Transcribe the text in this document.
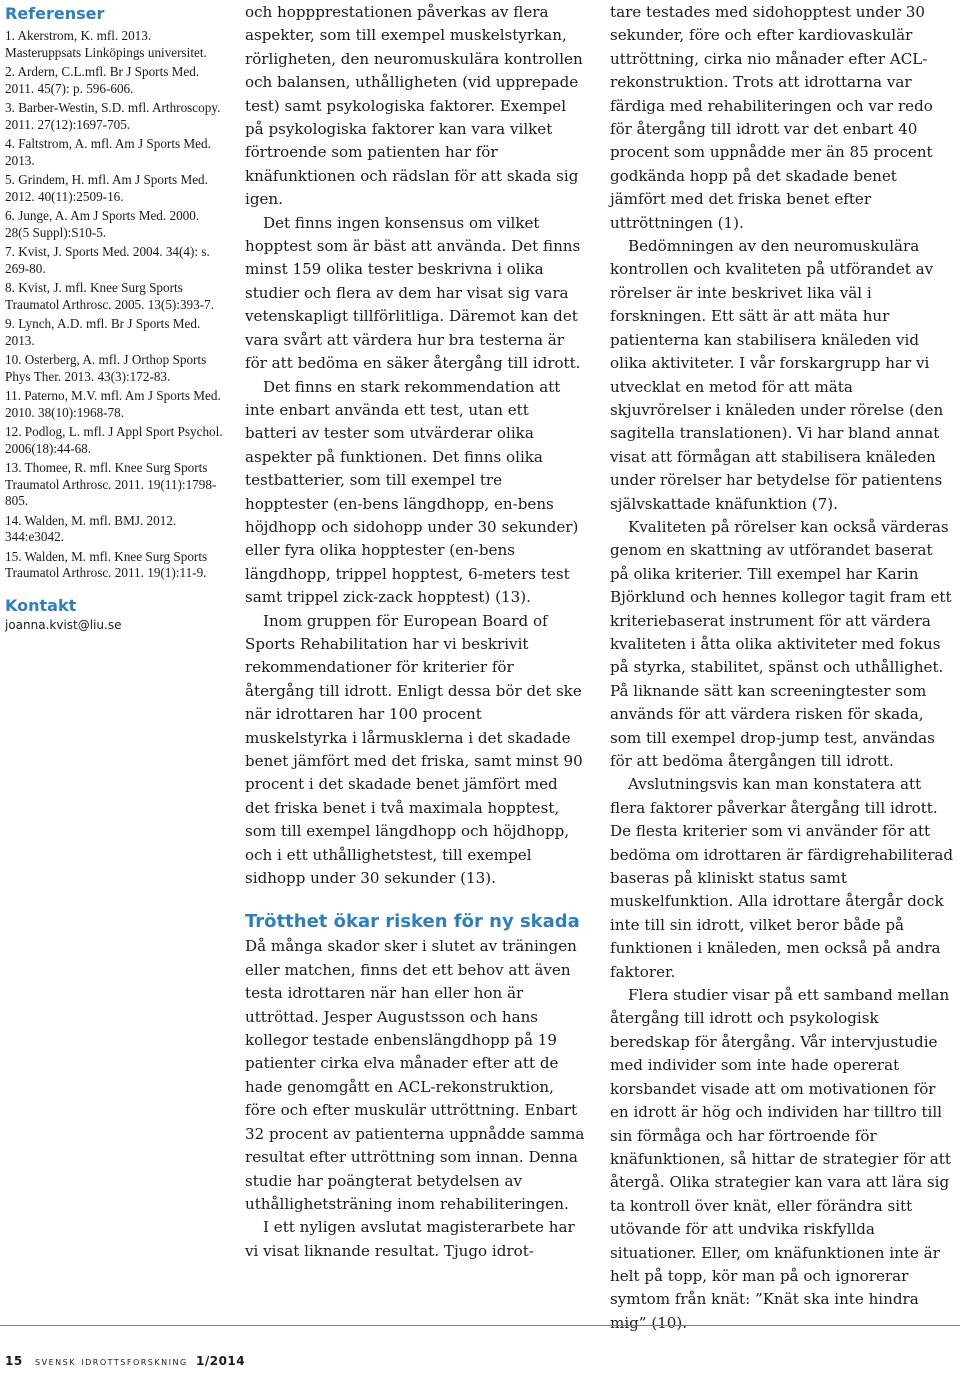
Referenser
1. Akerstrom, K. mfl. 2013. Masteruppsats Linköpings universitet.
2. Ardern, C.L.mfl. Br J Sports Med. 2011. 45(7): p. 596-606.
3. Barber-Westin, S.D. mfl. Arthroscopy. 2011. 27(12):1697-705.
4. Faltstrom, A. mfl. Am J Sports Med. 2013.
5. Grindem, H. mfl. Am J Sports Med. 2012. 40(11):2509-16.
6. Junge, A. Am J Sports Med. 2000. 28(5 Suppl):S10-5.
7. Kvist, J. Sports Med. 2004. 34(4): s. 269-80.
8. Kvist, J. mfl. Knee Surg Sports Traumatol Arthrosc. 2005. 13(5):393-7.
9. Lynch, A.D. mfl. Br J Sports Med. 2013.
10. Osterberg, A. mfl. J Orthop Sports Phys Ther. 2013. 43(3):172-83.
11. Paterno, M.V. mfl. Am J Sports Med. 2010. 38(10):1968-78.
12. Podlog, L. mfl. J Appl Sport Psychol. 2006(18):44-68.
13. Thomee, R. mfl. Knee Surg Sports Traumatol Arthrosc. 2011. 19(11):1798-805.
14. Walden, M. mfl. BMJ. 2012. 344:e3042.
15. Walden, M. mfl. Knee Surg Sports Traumatol Arthrosc. 2011. 19(1):11-9.
Kontakt
joanna.kvist@liu.se

och hoppprestationen påverkas av flera aspekter, som till exempel muskelstyrkan, rörligheten, den neuromuskulära kontrollen och balansen, uthålligheten (vid upprepade test) samt psykologiska faktorer. Exempel på psykologiska faktorer kan vara vilket förtroende som patienten har för knäfunktionen och rädslan för att skada sig igen.

Det finns ingen konsensus om vilket hopptest som är bäst att använda. Det finns minst 159 olika tester beskrivna i olika studier och flera av dem har visat sig vara vetenskapligt tillförlitliga. Däremot kan det vara svårt att värdera hur bra testerna är för att bedöma en säker återgång till idrott.

Det finns en stark rekommendation att inte enbart använda ett test, utan ett batteri av tester som utvärderar olika aspekter på funktionen. Det finns olika testbatterier, som till exempel tre hopptester (en-bens längdhopp, en-bens höjdhopp och sidohopp under 30 sekunder) eller fyra olika hopptester (en-bens längdhopp, trippel hopptest, 6-meters test samt trippel zick-zack hopptest) (13).

Inom gruppen för European Board of Sports Rehabilitation har vi beskrivit rekommendationer för kriterier för återgång till idrott. Enligt dessa bör det ske när idrottaren har 100 procent muskelstyrka i lårmusklerna i det skadade benet jämfört med det friska, samt minst 90 procent i det skadade benet jämfört med det friska benet i två maximala hopptest, som till exempel längdhopp och höjdhopp, och i ett uthållighetstest, till exempel sidhopp under 30 sekunder (13).

Trötthet ökar risken för ny skada

Då många skador sker i slutet av träningen eller matchen, finns det ett behov att även testa idrottaren när han eller hon är uttröttad. Jesper Augustsson och hans kollegor testade enbenslängdhopp på 19 patienter cirka elva månader efter att de hade genomgått en ACL-rekonstruktion, före och efter muskulär uttröttning. Enbart 32 procent av patienterna uppnådde samma resultat efter uttröttning som innan. Denna studie har poängterat betydelsen av uthållighetsträning inom rehabiliteringen.

I ett nyligen avslutat magisterarbete har vi visat liknande resultat. Tjugo idrot-

tare testades med sidohopptest under 30 sekunder, före och efter kardiovaskulär uttröttning, cirka nio månader efter ACL-rekonstruktion. Trots att idrottarna var färdiga med rehabiliteringen och var redo för återgång till idrott var det enbart 40 procent som uppnådde mer än 85 procent godkända hopp på det skadade benet jämfört med det friska benet efter uttröttningen (1).

Bedömningen av den neuromuskulära kontrollen och kvaliteten på utförandet av rörelser är inte beskrivet lika väl i forskningen. Ett sätt är att mäta hur patienterna kan stabilisera knäleden vid olika aktiviteter. I vår forskargrupp har vi utvecklat en metod för att mäta skjuvrörelser i knäleden under rörelse (den sagitella translationen). Vi har bland annat visat att förmågan att stabilisera knäleden under rörelser har betydelse för patientens självskattade knäfunktion (7).

Kvaliteten på rörelser kan också värderas genom en skattning av utförandet baserat på olika kriterier. Till exempel har Karin Björklund och hennes kollegor tagit fram ett kriteriebaserat instrument för att värdera kvaliteten i åtta olika aktiviteter med fokus på styrka, stabilitet, spänst och uthållighet. På liknande sätt kan screeningtester som används för att värdera risken för skada, som till exempel drop-jump test, användas för att bedöma återgången till idrott.

Avslutningsvis kan man konstatera att flera faktorer påverkar återgång till idrott. De flesta kriterier som vi använder för att bedöma om idrottaren är färdigrehabiliterad baseras på kliniskt status samt muskelfunktion. Alla idrottare återgår dock inte till sin idrott, vilket beror både på funktionen i knäleden, men också på andra faktorer.

Flera studier visar på ett samband mellan återgång till idrott och psykologisk beredskap för återgång. Vår intervjustudie med individer som inte hade opererat korsbandet visade att om motivationen för en idrott är hög och individen har tilltro till sin förmåga och har förtroende för knäfunktionen, så hittar de strategier för att återgå. Olika strategier kan vara att lära sig ta kontroll över knät, eller förändra sitt utövande för att undvika riskfyllda situationer. Eller, om knäfunktionen inte är helt på topp, kör man på och ignorerar symtom från knät: ”Knät ska inte hindra mig” (10).

15 svensk idrottsforskning 1/2014
